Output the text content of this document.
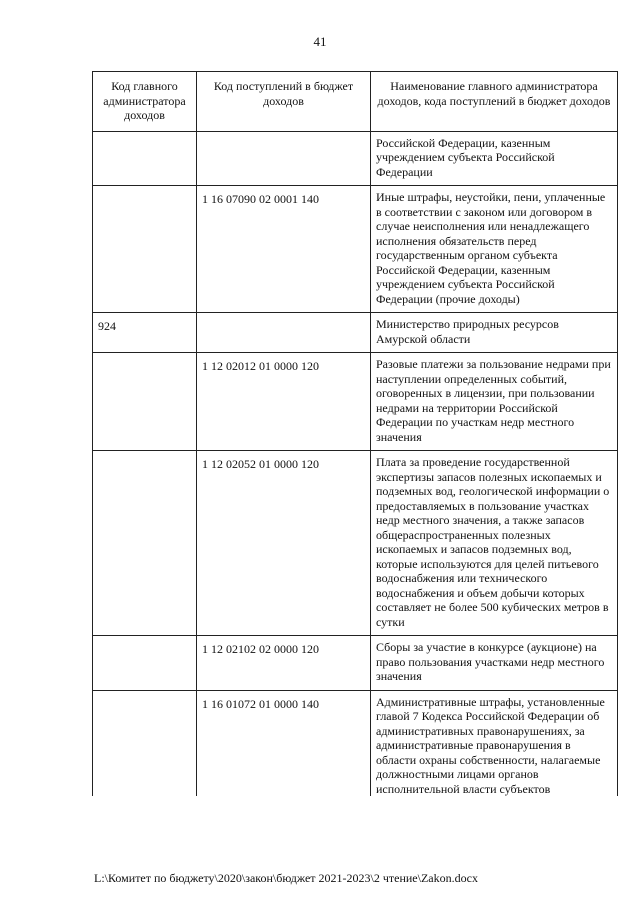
41
Код главного администратора доходов	Код поступлений в бюджет доходов	Наименование главного администратора доходов, кода поступлений в бюджет доходов
		Российской Федерации, казенным учреждением субъекта Российской Федерации
	1 16 07090 02 0001 140	Иные штрафы, неустойки, пени, уплаченные в соответствии с законом или договором в случае неисполнения или ненадлежащего исполнения обязательств перед государственным органом субъекта Российской Федерации, казенным учреждением субъекта Российской Федерации (прочие доходы)
924		Министерство природных ресурсов Амурской области
	1 12 02012 01 0000 120	Разовые платежи за пользование недрами при наступлении определенных событий, оговоренных в лицензии, при пользовании недрами на территории Российской Федерации по участкам недр местного значения
	1 12 02052 01 0000 120	Плата за проведение государственной экспертизы запасов полезных ископаемых и подземных вод, геологической информации о предоставляемых в пользование участках недр местного значения, а также запасов общераспространенных полезных ископаемых и запасов подземных вод, которые используются для целей питьевого водоснабжения или технического водоснабжения и объем добычи которых составляет не более 500 кубических метров в сутки
	1 12 02102 02 0000 120	Сборы за участие в конкурсе (аукционе) на право пользования участками недр местного значения
	1 16 01072 01 0000 140	Административные штрафы, установленные главой 7 Кодекса Российской Федерации об административных правонарушениях, за административные правонарушения в области охраны собственности, налагаемые должностными лицами органов исполнительной власти субъектов
L:\Комитет по бюджету\2020\закон\бюджет 2021-2023\2 чтение\Zakon.docx
